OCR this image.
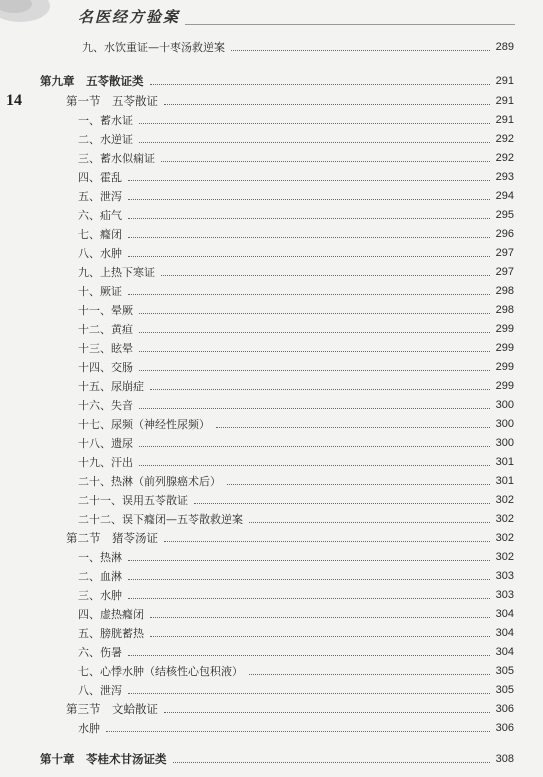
名医经方验案
14
九、水饮重证—十枣汤救逆案	289
第九章　五苓散证类	291
第一节　五苓散证	291
一、蓄水证	291
二、水逆证	292
三、蓄水似痫证	292
四、霍乱	293
五、泄泻	294
六、疝气	295
七、癃闭	296
八、水肿	297
九、上热下寒证	297
十、厥证	298
十一、晕厥	298
十二、黄疸	299
十三、眩晕	299
十四、交肠	299
十五、尿崩症	299
十六、失音	300
十七、尿频（神经性尿频）	300
十八、遗尿	300
十九、汗出	301
二十、热淋（前列腺癌术后）	301
二十一、误用五苓散证	302
二十二、误下癃闭—五苓散救逆案	302
第二节　猪苓汤证	302
一、热淋	302
二、血淋	303
三、水肿	303
四、虚热癃闭	304
五、膀胱蓄热	304
六、伤暑	304
七、心悸水肿（结核性心包积液）	305
八、泄泻	305
第三节　文蛤散证	306
水肿	306
第十章　苓桂术甘汤证类	308
